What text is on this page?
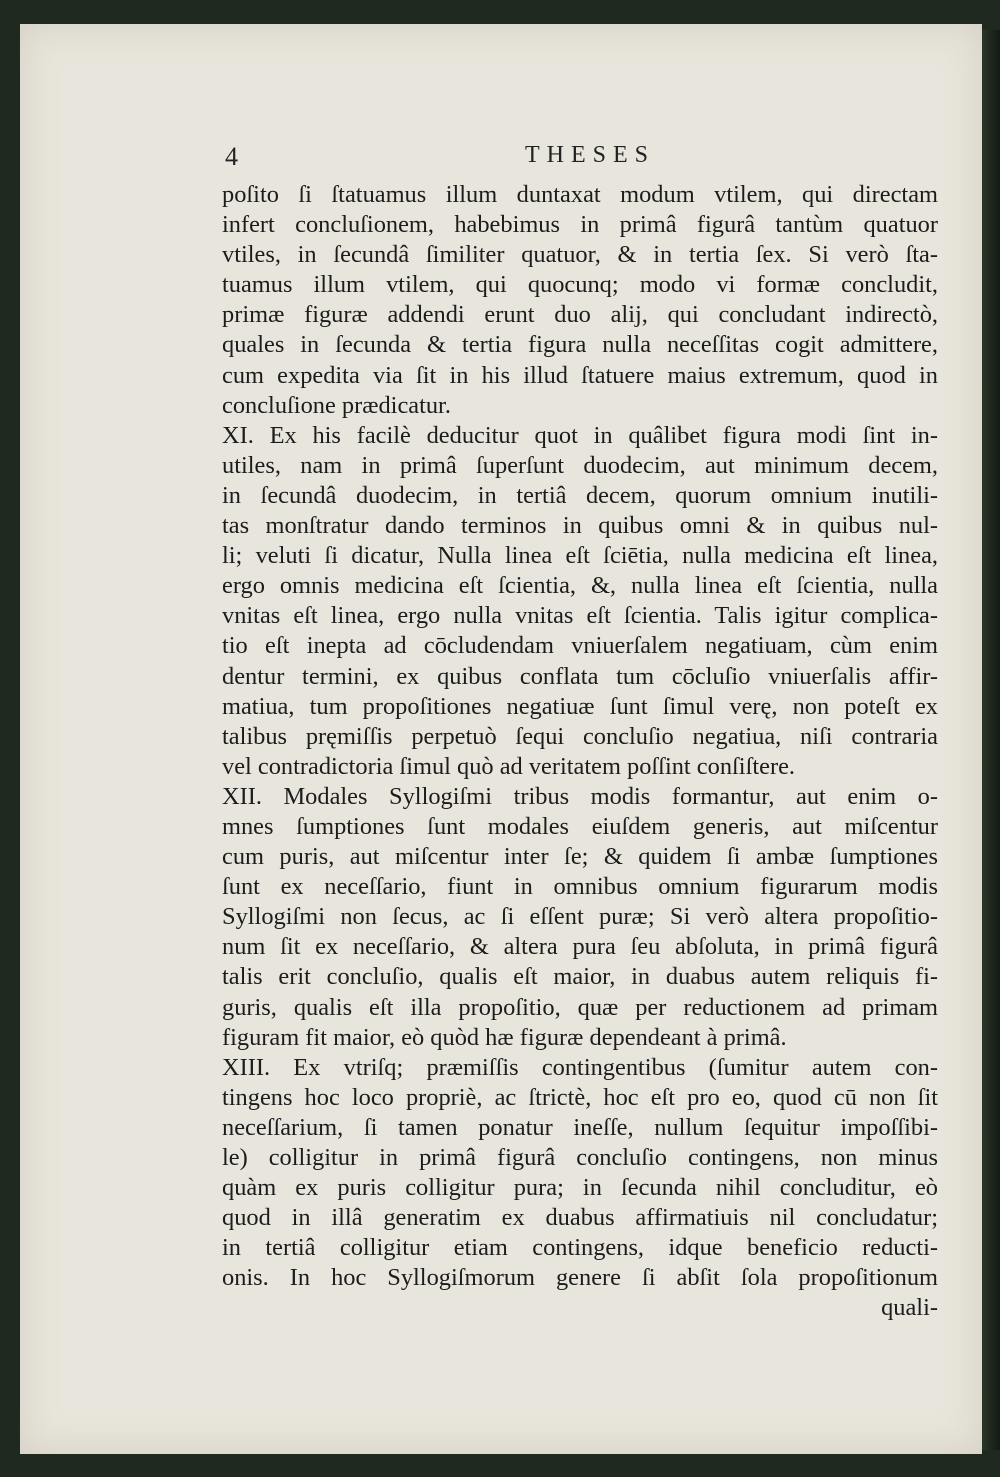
4	THESES
poſito ſi ſtatuamus illum duntaxat modum vtilem, qui directam
infert concluſionem, habebimus in primâ figurâ tantùm quatuor
vtiles, in ſecundâ ſimiliter quatuor, & in tertia ſex. Si verò ſta-
tuamus illum vtilem, qui quocunq; modo vi formæ concludit,
primæ figuræ addendi erunt duo alij, qui concludant indirectò,
quales in ſecunda & tertia figura nulla neceſſitas cogit admittere,
cum expedita via ſit in his illud ſtatuere maius extremum, quod in
concluſione prædicatur.
XI. Ex his facilè deducitur quot in quâlibet figura modi ſint in-
utiles, nam in primâ ſuperſunt duodecim, aut minimum decem,
in ſecundâ duodecim, in tertiâ decem, quorum omnium inutili-
tas monſtratur dando terminos in quibus omni & in quibus nul-
li; veluti ſi dicatur, Nulla linea eſt ſciētia, nulla medicina eſt linea,
ergo omnis medicina eſt ſcientia, &, nulla linea eſt ſcientia, nulla
vnitas eſt linea, ergo nulla vnitas eſt ſcientia. Talis igitur complica-
tio eſt inepta ad cōcludendam vniuerſalem negatiuam, cùm enim
dentur termini, ex quibus conflata tum cōcluſio vniuerſalis affir-
matiua, tum propoſitiones negatiuæ ſunt ſimul verę, non poteſt ex
talibus pręmiſſis perpetuò ſequi concluſio negatiua, niſi contraria
vel contradictoria ſimul quò ad veritatem poſſint conſiſtere.
XII. Modales Syllogiſmi tribus modis formantur, aut enim o-
mnes ſumptiones ſunt modales eiuſdem generis, aut miſcentur
cum puris, aut miſcentur inter ſe; & quidem ſi ambæ ſumptiones
ſunt ex neceſſario, fiunt in omnibus omnium figurarum modis
Syllogiſmi non ſecus, ac ſi eſſent puræ; Si verò altera propoſitio-
num ſit ex neceſſario, & altera pura ſeu abſoluta, in primâ figurâ
talis erit concluſio, qualis eſt maior, in duabus autem reliquis fi-
guris, qualis eſt illa propoſitio, quæ per reductionem ad primam
figuram fit maior, eò quòd hæ figuræ dependeant à primâ.
XIII. Ex vtriſq; præmiſſis contingentibus (ſumitur autem con-
tingens hoc loco propriè, ac ſtrictè, hoc eſt pro eo, quod cū non ſit
neceſſarium, ſi tamen ponatur ineſſe, nullum ſequitur impoſſibi-
le) colligitur in primâ figurâ concluſio contingens, non minus
quàm ex puris colligitur pura; in ſecunda nihil concluditur, eò
quod in illâ generatim ex duabus affirmatiuis nil concludatur;
in tertiâ colligitur etiam contingens, idque beneficio reducti-
onis. In hoc Syllogiſmorum genere ſi abſit ſola propoſitionum
quali-
